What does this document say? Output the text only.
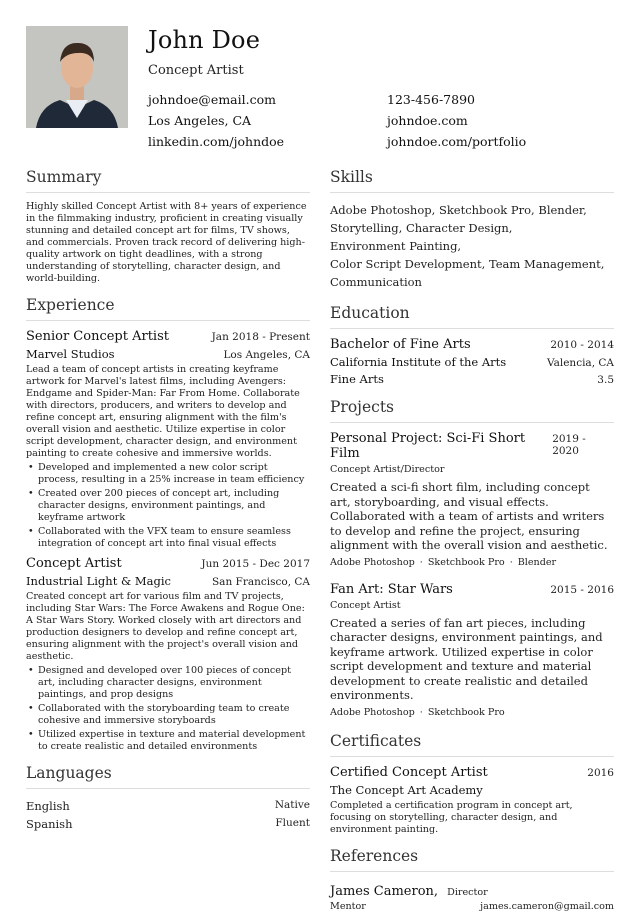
John Doe
Concept Artist
johndoe@email.com	123-456-7890
Los Angeles, CA	johndoe.com
linkedin.com/johndoe	johndoe.com/portfolio
Summary
Highly skilled Concept Artist with 8+ years of experience in the filmmaking industry, proficient in creating visually stunning and detailed concept art for films, TV shows, and commercials. Proven track record of delivering high-quality artwork on tight deadlines, with a strong understanding of storytelling, character design, and world-building.
Experience
Senior Concept Artist	Jan 2018 - Present
Marvel Studios	Los Angeles, CA
Lead a team of concept artists in creating keyframe artwork for Marvel's latest films, including Avengers: Endgame and Spider-Man: Far From Home. Collaborate with directors, producers, and writers to develop and refine concept art, ensuring alignment with the film's overall vision and aesthetic. Utilize expertise in color script development, character design, and environment painting to create cohesive and immersive worlds.
• Developed and implemented a new color script process, resulting in a 25% increase in team efficiency
• Created over 200 pieces of concept art, including character designs, environment paintings, and keyframe artwork
• Collaborated with the VFX team to ensure seamless integration of concept art into final visual effects
Concept Artist	Jun 2015 - Dec 2017
Industrial Light & Magic	San Francisco, CA
Created concept art for various film and TV projects, including Star Wars: The Force Awakens and Rogue One: A Star Wars Story. Worked closely with art directors and production designers to develop and refine concept art, ensuring alignment with the project's overall vision and aesthetic.
• Designed and developed over 100 pieces of concept art, including character designs, environment paintings, and prop designs
• Collaborated with the storyboarding team to create cohesive and immersive storyboards
• Utilized expertise in texture and material development to create realistic and detailed environments
Languages
English	Native
Spanish	Fluent
Skills
Adobe Photoshop, Sketchbook Pro, Blender, Storytelling, Character Design, Environment Painting, Color Script Development, Team Management, Communication
Education
Bachelor of Fine Arts	2010 - 2014
California Institute of the Arts	Valencia, CA
Fine Arts	3.5
Projects
Personal Project: Sci-Fi Short Film
2019 - 2020
Concept Artist/Director
Created a sci-fi short film, including concept art, storyboarding, and visual effects. Collaborated with a team of artists and writers to develop and refine the project, ensuring alignment with the overall vision and aesthetic.
Adobe Photoshop · Sketchbook Pro · Blender
Fan Art: Star Wars	2015 - 2016
Concept Artist
Created a series of fan art pieces, including character designs, environment paintings, and keyframe artwork. Utilized expertise in color script development and texture and material development to create realistic and detailed environments.
Adobe Photoshop · Sketchbook Pro
Certificates
Certified Concept Artist	2016
The Concept Art Academy
Completed a certification program in concept art, focusing on storytelling, character design, and environment painting.
References
James Cameron, Director
Mentor	james.cameron@gmail.com
